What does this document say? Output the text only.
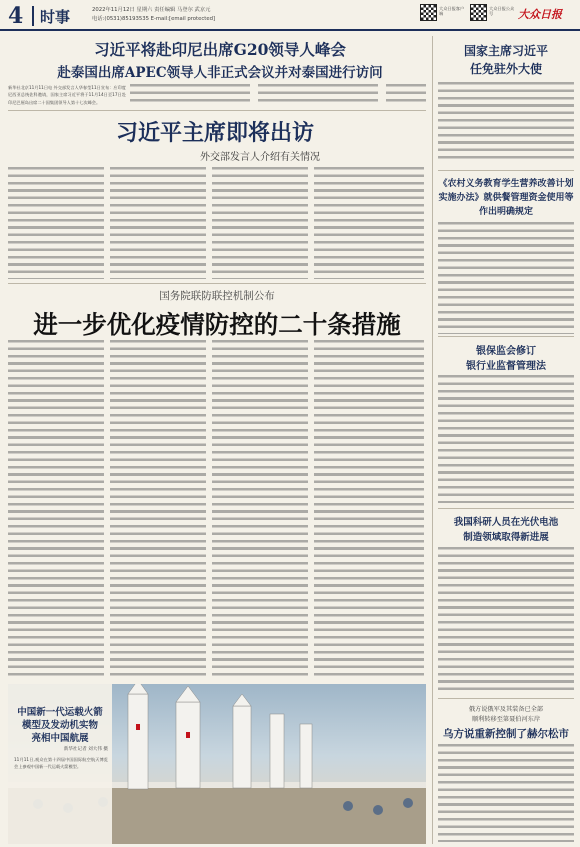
4 时事	2022年11月12日 星期六 责任编辑 马登尔 武京元
电话:(0531)85193535 E-mail:[email protected]
大众日报客户端
大众日报公众号	大众日报
习近平将赴印尼出席G20领导人峰会
赴泰国出席APEC领导人非正式会议并对泰国进行访问
新华社北京11月11日电 外交部发言人华春莹11日宣布：应印度尼西亚总统佐科邀请，国家主席习近平将于11月14日至17日赴印尼巴厘岛出席二十国集团领导人第十七次峰会。
习近平主席即将出访
外交部发言人介绍有关情况
国务院联防联控机制公布
进一步优化疫情防控的二十条措施
中国新一代运载火箭
模型及发动机实物
亮相中国航展
新华社记者 刘大伟 摄
11月11日,观众在第十四届中国国际航空航天博览会上参观中国新一代运载火箭模型。
国家主席习近平
任免驻外大使
《农村义务教育学生营养改善计划
实施办法》就供餐管理资金使用等
作出明确规定
银保监会修订
银行业监督管理法
我国科研人员在光伏电池
制造领域取得新进展
俄方说俄军及其装备已全部
顺利转移至第聂伯河东岸
乌方说重新控制了赫尔松市
